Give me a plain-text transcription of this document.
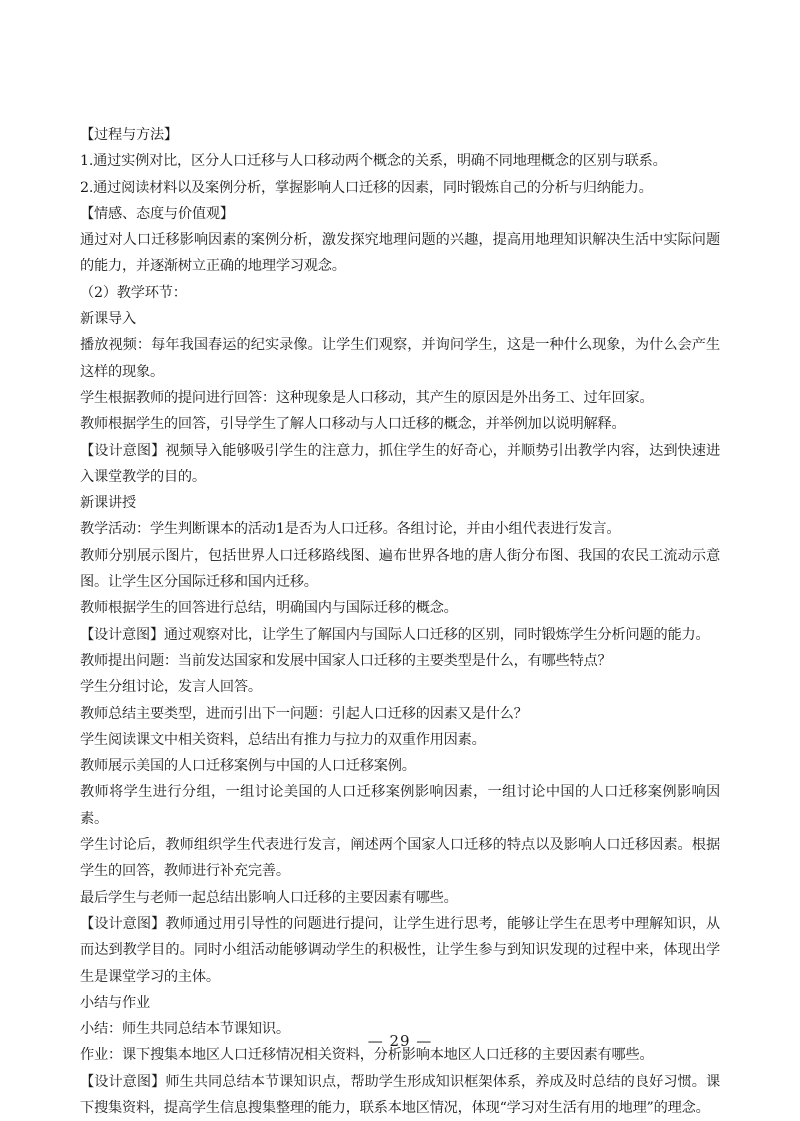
【过程与方法】

1.通过实例对比，区分人口迁移与人口移动两个概念的关系，明确不同地理概念的区别与联系。

2.通过阅读材料以及案例分析，掌握影响人口迁移的因素，同时锻炼自己的分析与归纳能力。

【情感、态度与价值观】

通过对人口迁移影响因素的案例分析，激发探究地理问题的兴趣，提高用地理知识解决生活中实际问题的能力，并逐渐树立正确的地理学习观念。

（2）教学环节：

新课导入

播放视频：每年我国春运的纪实录像。让学生们观察，并询问学生，这是一种什么现象，为什么会产生这样的现象。

学生根据教师的提问进行回答：这种现象是人口移动，其产生的原因是外出务工、过年回家。

教师根据学生的回答，引导学生了解人口移动与人口迁移的概念，并举例加以说明解释。

【设计意图】视频导入能够吸引学生的注意力，抓住学生的好奇心，并顺势引出教学内容，达到快速进入课堂教学的目的。

新课讲授

教学活动：学生判断课本的活动1是否为人口迁移。各组讨论，并由小组代表进行发言。

教师分别展示图片，包括世界人口迁移路线图、遍布世界各地的唐人街分布图、我国的农民工流动示意图。让学生区分国际迁移和国内迁移。

教师根据学生的回答进行总结，明确国内与国际迁移的概念。

【设计意图】通过观察对比，让学生了解国内与国际人口迁移的区别，同时锻炼学生分析问题的能力。

教师提出问题：当前发达国家和发展中国家人口迁移的主要类型是什么，有哪些特点？

学生分组讨论，发言人回答。

教师总结主要类型，进而引出下一问题：引起人口迁移的因素又是什么？

学生阅读课文中相关资料，总结出有推力与拉力的双重作用因素。

教师展示美国的人口迁移案例与中国的人口迁移案例。

教师将学生进行分组，一组讨论美国的人口迁移案例影响因素，一组讨论中国的人口迁移案例影响因素。

学生讨论后，教师组织学生代表进行发言，阐述两个国家人口迁移的特点以及影响人口迁移因素。根据学生的回答，教师进行补充完善。

最后学生与老师一起总结出影响人口迁移的主要因素有哪些。

【设计意图】教师通过用引导性的问题进行提问，让学生进行思考，能够让学生在思考中理解知识，从而达到教学目的。同时小组活动能够调动学生的积极性，让学生参与到知识发现的过程中来，体现出学生是课堂学习的主体。

小结与作业

小结：师生共同总结本节课知识。

作业：课下搜集本地区人口迁移情况相关资料，分析影响本地区人口迁移的主要因素有哪些。

【设计意图】师生共同总结本节课知识点，帮助学生形成知识框架体系，养成及时总结的良好习惯。课下搜集资料，提高学生信息搜集整理的能力，联系本地区情况，体现“学习对生活有用的地理”的理念。

— 29 —
